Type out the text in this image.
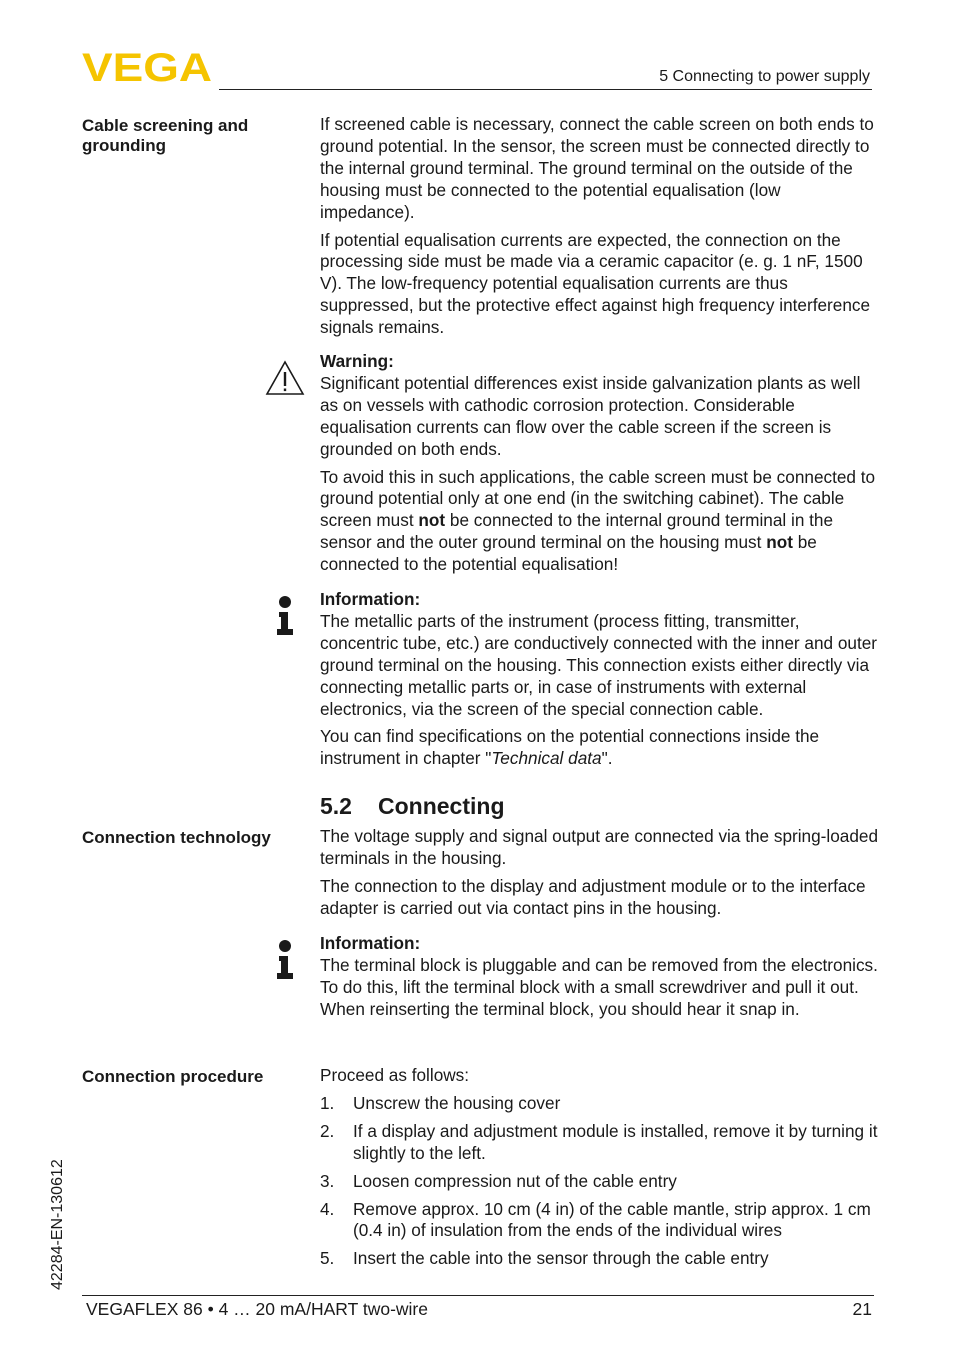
VEGA	5 Connecting to power supply
Cable screening and grounding

If screened cable is necessary, connect the cable screen on both ends to ground potential. In the sensor, the screen must be connected directly to the internal ground terminal. The ground terminal on the outside of the housing must be connected to the potential equalisation (low impedance).

If potential equalisation currents are expected, the connection on the processing side must be made via a ceramic capacitor (e. g. 1 nF, 1500 V). The low-frequency potential equalisation currents are thus suppressed, but the protective effect against high frequency interference signals remains.

Warning:

Significant potential differences exist inside galvanization plants as well as on vessels with cathodic corrosion protection. Considerable equalisation currents can flow over the cable screen if the screen is grounded on both ends.

To avoid this in such applications, the cable screen must be connected to ground potential only at one end (in the switching cabinet). The cable screen must not be connected to the internal ground terminal in the sensor and the outer ground terminal on the housing must not be connected to the potential equalisation!

Information:

The metallic parts of the instrument (process fitting, transmitter, concentric tube, etc.) are conductively connected with the inner and outer ground terminal on the housing. This connection exists either directly via connecting metallic parts or, in case of instruments with external electronics, via the screen of the special connection cable.

You can find specifications on the potential connections inside the instrument in chapter "Technical data".

5.2 Connecting
Connection technology	The voltage supply and signal output are connected via the spring-loaded terminals in the housing.

The connection to the display and adjustment module or to the interface adapter is carried out via contact pins in the housing.

Information:

The terminal block is pluggable and can be removed from the electronics. To do this, lift the terminal block with a small screwdriver and pull it out. When reinserting the terminal block, you should hear it snap in.

Connection procedure	Proceed as follows:

1.	Unscrew the housing cover
2.	If a display and adjustment module is installed, remove it by turning it slightly to the left.
3.	Loosen compression nut of the cable entry
4.	Remove approx. 10 cm (4 in) of the cable mantle, strip approx. 1 cm (0.4 in) of insulation from the ends of the individual wires
5.	Insert the cable into the sensor through the cable entry
42284-EN-130612
VEGAFLEX 86 • 4 … 20 mA/HART two-wire	21
